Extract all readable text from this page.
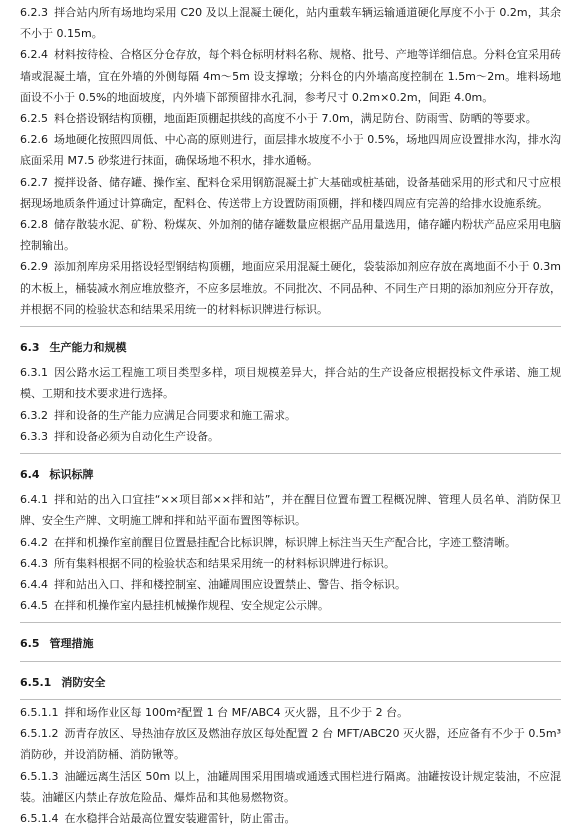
6.2.3 拌合站内所有场地均采用 C20 及以上混凝土硬化，站内重载车辆运输通道硬化厚度不小于 0.2m，其余不小于 0.15m。

6.2.4 材料按待检、合格区分仓存放，每个料仓标明材料名称、规格、批号、产地等详细信息。分料仓宜采用砖墙或混凝土墙，宜在外墙的外侧每隔 4m～5m 设支撑墩；分料仓的内外墙高度控制在 1.5m～2m。堆料场地面设不小于 0.5%的地面坡度，内外墙下部预留排水孔洞，参考尺寸 0.2m×0.2m，间距 4.0m。

6.2.5 料仓搭设钢结构顶棚，地面距顶棚起拱线的高度不小于 7.0m，满足防台、防雨雪、防晒的等要求。

6.2.6 场地硬化按照四周低、中心高的原则进行，面层排水坡度不小于 0.5%，场地四周应设置排水沟，排水沟底面采用 M7.5 砂浆进行抹面，确保场地不积水，排水通畅。

6.2.7 搅拌设备、储存罐、操作室、配料仓采用钢筋混凝土扩大基础或桩基础，设备基础采用的形式和尺寸应根据现场地质条件通过计算确定，配料仓、传送带上方设置防雨顶棚，拌和楼四周应有完善的给排水设施系统。

6.2.8 储存散装水泥、矿粉、粉煤灰、外加剂的储存罐数量应根据产品用量选用，储存罐内粉状产品应采用电脑控制输出。

6.2.9 添加剂库房采用搭设轻型钢结构顶棚，地面应采用混凝土硬化，袋装添加剂应存放在离地面不小于 0.3m 的木板上，桶装减水剂应堆放整齐，不应多层堆放。不同批次、不同品种、不同生产日期的添加剂应分开存放，并根据不同的检验状态和结果采用统一的材料标识牌进行标识。

6.3 生产能力和规模

6.3.1 因公路水运工程施工项目类型多样，项目规模差异大，拌合站的生产设备应根据投标文件承诺、施工规模、工期和技术要求进行选择。

6.3.2 拌和设备的生产能力应满足合同要求和施工需求。

6.3.3 拌和设备必须为自动化生产设备。

6.4 标识标牌

6.4.1 拌和站的出入口宜挂“××项目部××拌和站”，并在醒目位置布置工程概况牌、管理人员名单、消防保卫牌、安全生产牌、文明施工牌和拌和站平面布置图等标识。

6.4.2 在拌和机操作室前醒目位置悬挂配合比标识牌，标识牌上标注当天生产配合比，字迹工整清晰。

6.4.3 所有集料根据不同的检验状态和结果采用统一的材料标识牌进行标识。

6.4.4 拌和站出入口、拌和楼控制室、油罐周围应设置禁止、警告、指令标识。

6.4.5 在拌和机操作室内悬挂机械操作规程、安全规定公示牌。

6.5 管理措施

6.5.1 消防安全

6.5.1.1 拌和场作业区每 100m²配置 1 台 MF/ABC4 灭火器，且不少于 2 台。

6.5.1.2 沥青存放区、导热油存放区及燃油存放区每处配置 2 台 MFT/ABC20 灭火器，还应备有不少于 0.5m³消防砂，并设消防桶、消防锹等。

6.5.1.3 油罐远离生活区 50m 以上，油罐周围采用围墙或通透式围栏进行隔离。油罐按设计规定装油，不应混装。油罐区内禁止存放危险品、爆炸品和其他易燃物资。

6.5.1.4 在水稳拌合站最高位置安装避雷针，防止雷击。
